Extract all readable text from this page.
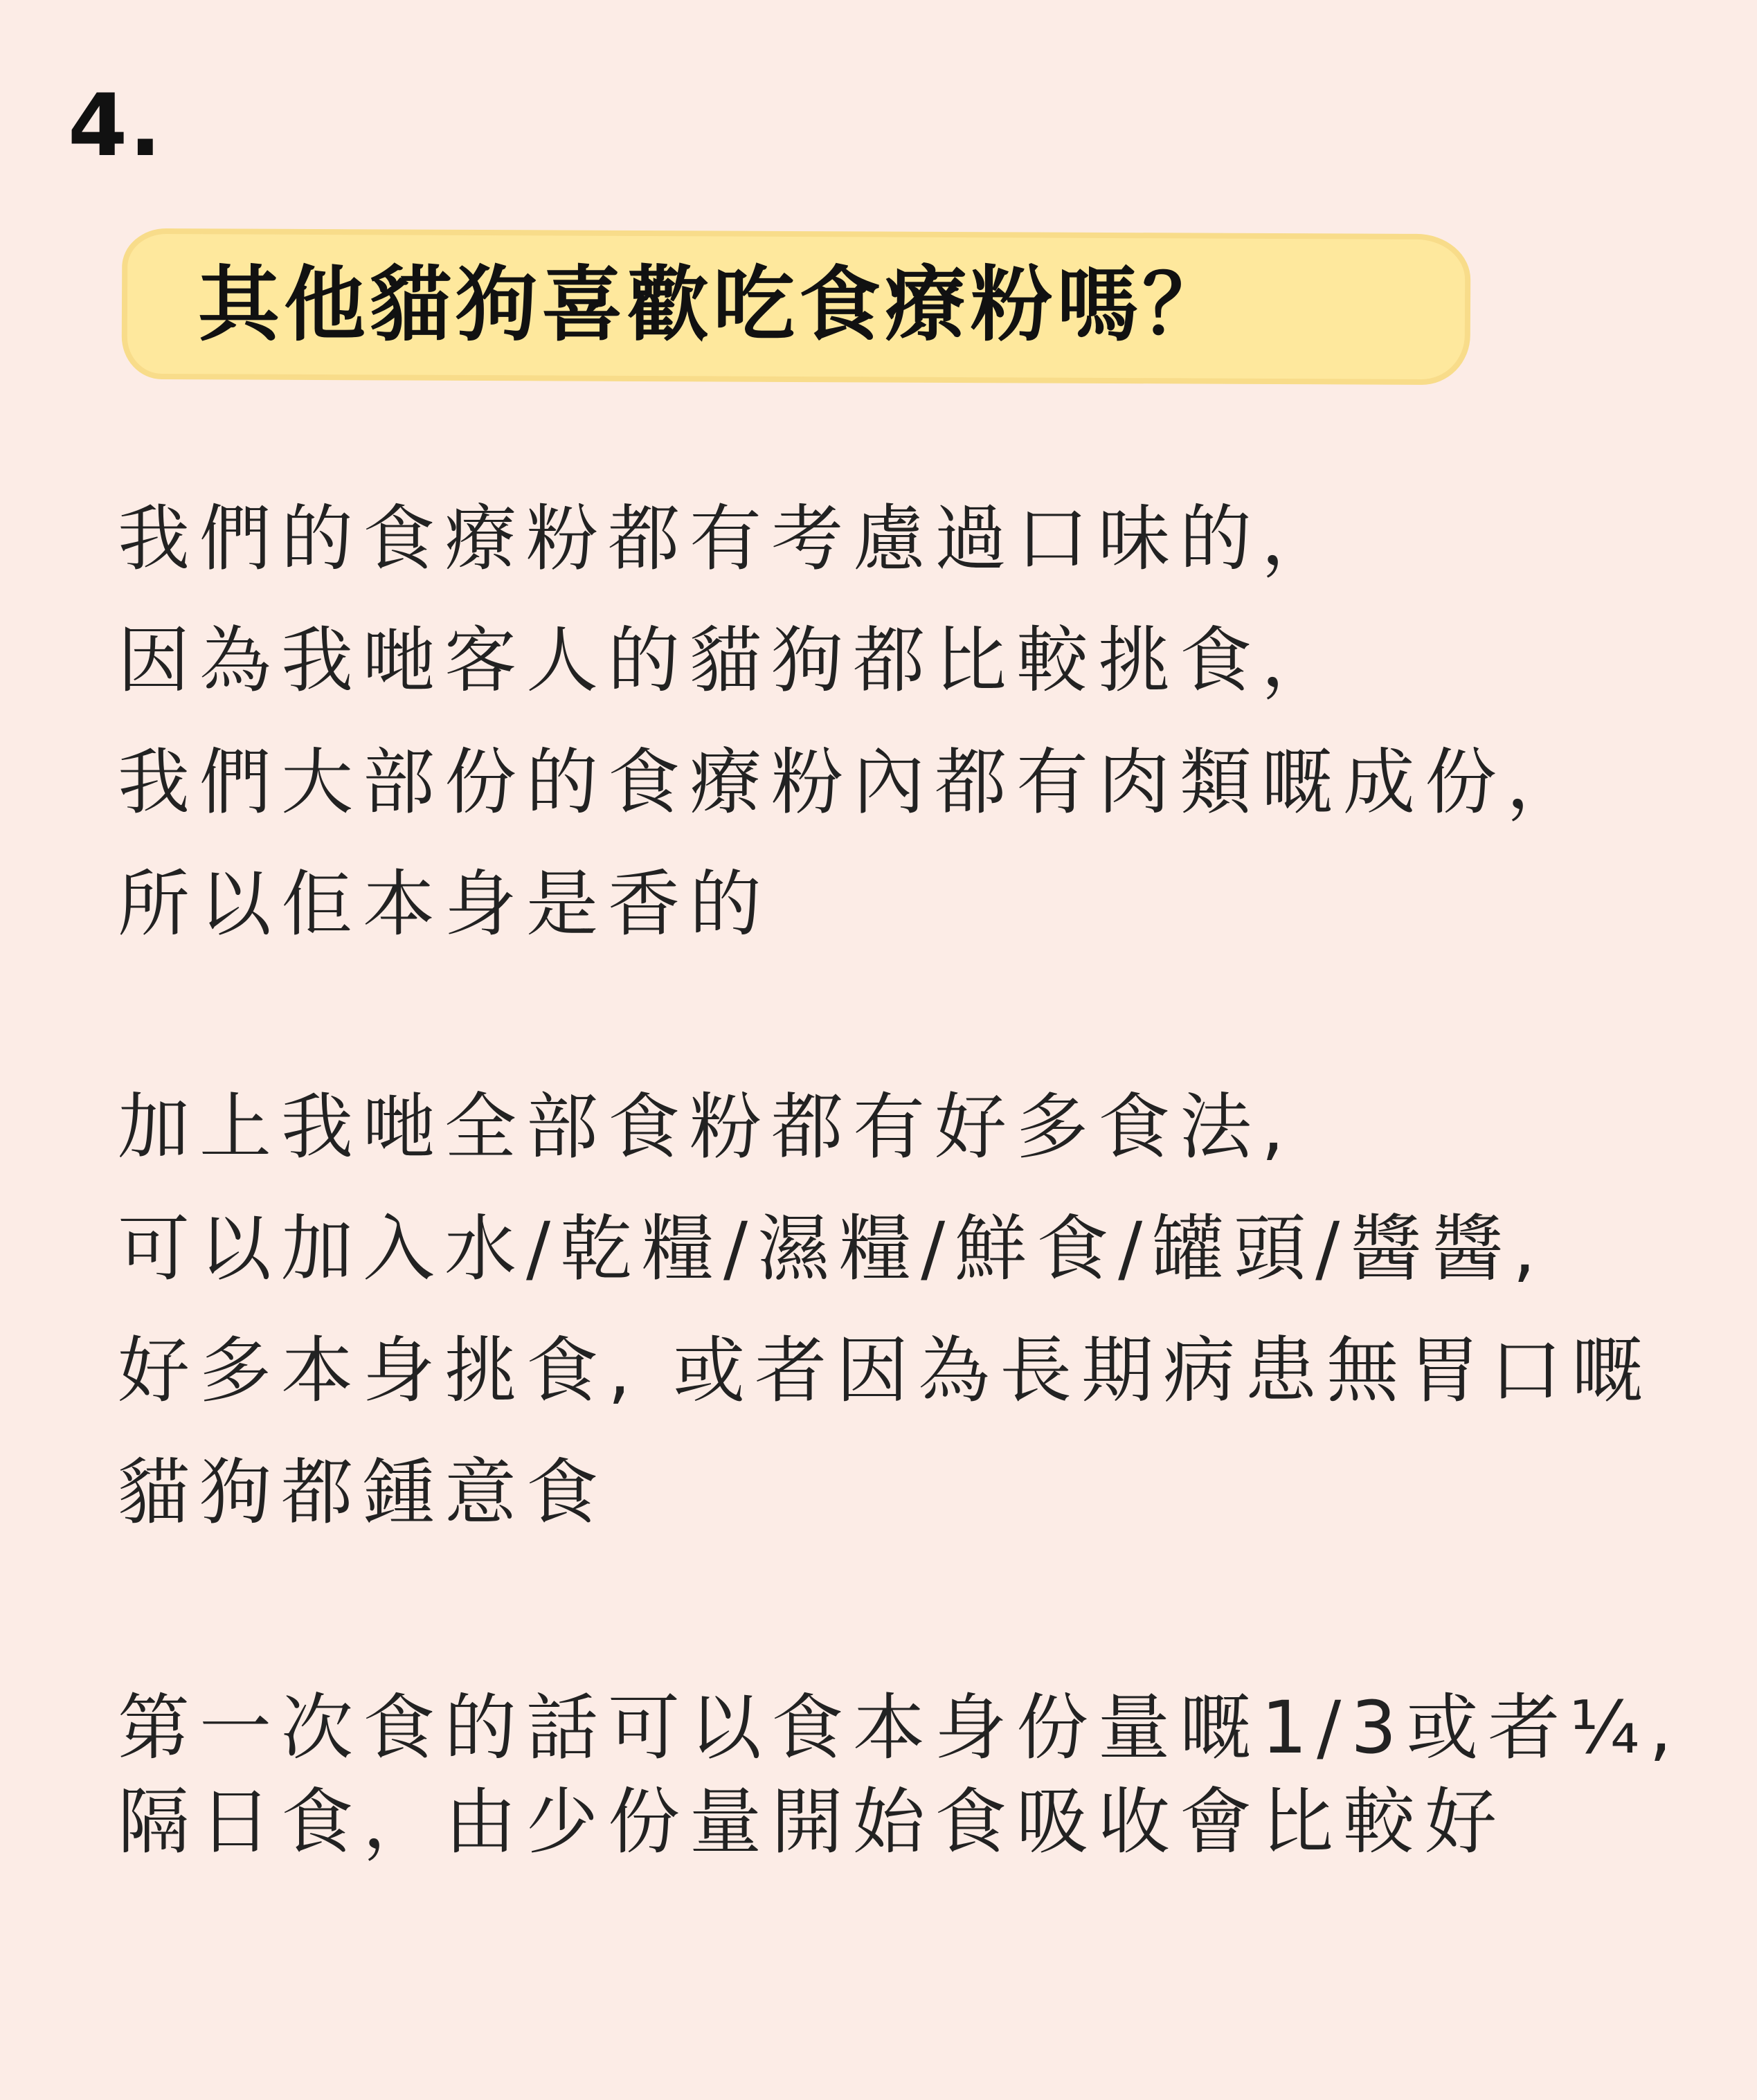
4.
其他貓狗喜歡吃食療粉嗎？
我們的食療粉都有考慮過口味的，
因為我哋客人的貓狗都比較挑食，
我們大部份的食療粉內都有肉類嘅成份，
所以佢本身是香的
加上我哋全部食粉都有好多食法,
可以加入水/乾糧/濕糧/鮮食/罐頭/醬醬,
好多本身挑食, 或者因為長期病患無胃口嘅
貓狗都鍾意食
第一次食的話可以食本身份量嘅1/3或者¼,
隔日食，由少份量開始食吸收會比較好
